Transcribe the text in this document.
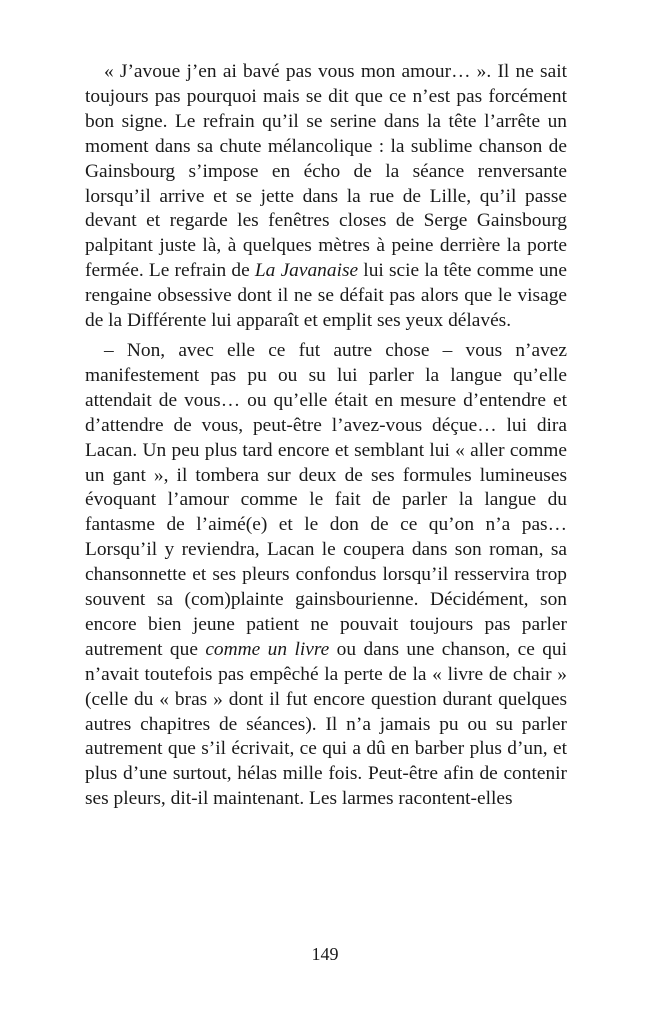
« J’avoue j’en ai bavé pas vous mon amour… ». Il ne sait toujours pas pourquoi mais se dit que ce n’est pas forcément bon signe. Le refrain qu’il se serine dans la tête l’arrête un moment dans sa chute mélancolique : la sublime chanson de Gainsbourg s’impose en écho de la séance renversante lorsqu’il arrive et se jette dans la rue de Lille, qu’il passe devant et regarde les fenêtres closes de Serge Gainsbourg palpitant juste là, à quelques mètres à peine derrière la porte fermée. Le refrain de La Javanaise lui scie la tête comme une rengaine obsessive dont il ne se défait pas alors que le visage de la Différente lui apparaît et emplit ses yeux délavés.

– Non, avec elle ce fut autre chose – vous n’avez manifestement pas pu ou su lui parler la langue qu’elle attendait de vous… ou qu’elle était en mesure d’entendre et d’attendre de vous, peut-être l’avez-vous déçue… lui dira Lacan. Un peu plus tard encore et semblant lui « aller comme un gant », il tombera sur deux de ses formules lumineuses évoquant l’amour comme le fait de parler la langue du fantasme de l’aimé(e) et le don de ce qu’on n’a pas… Lorsqu’il y reviendra, Lacan le coupera dans son roman, sa chansonnette et ses pleurs confondus lorsqu’il resservira trop souvent sa (com)plainte gainsbourienne. Décidément, son encore bien jeune patient ne pouvait toujours pas parler autrement que comme un livre ou dans une chanson, ce qui n’avait toutefois pas empêché la perte de la « livre de chair » (celle du « bras » dont il fut encore question durant quelques autres chapitres de séances). Il n’a jamais pu ou su parler autrement que s’il écrivait, ce qui a dû en barber plus d’un, et plus d’une surtout, hélas mille fois. Peut-être afin de contenir ses pleurs, dit-il maintenant. Les larmes racontent-elles

149
